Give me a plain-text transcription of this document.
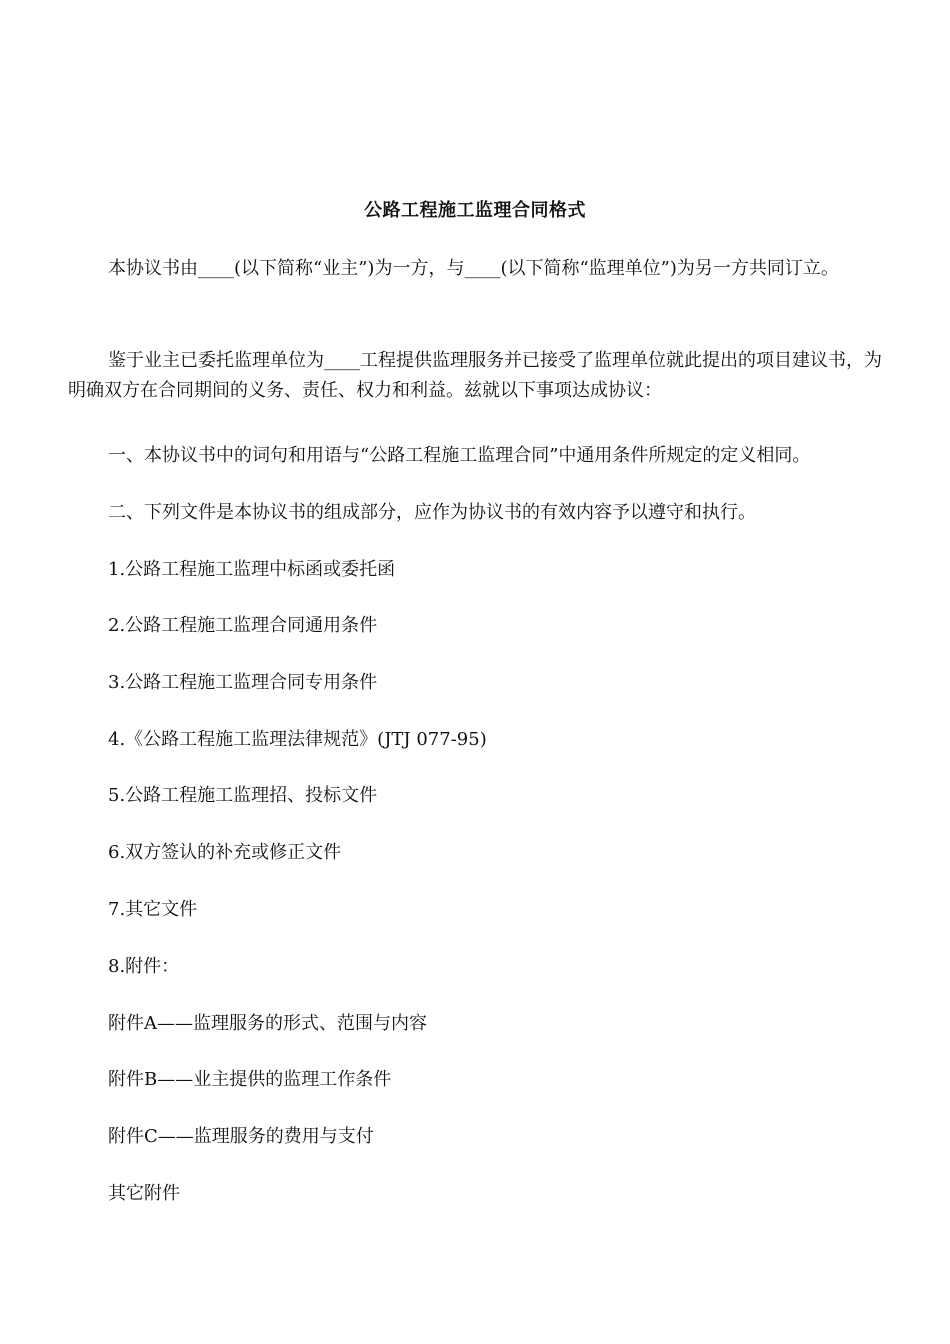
公路工程施工监理合同格式

本协议书由____(以下简称“业主”)为一方，与____(以下简称“监理单位”)为另一方共同订立。

鉴于业主已委托监理单位为____工程提供监理服务并已接受了监理单位就此提出的项目建议书，为明确双方在合同期间的义务、责任、权力和利益。兹就以下事项达成协议：

一、本协议书中的词句和用语与“公路工程施工监理合同”中通用条件所规定的定义相同。

二、下列文件是本协议书的组成部分，应作为协议书的有效内容予以遵守和执行。

1.公路工程施工监理中标函或委托函

2.公路工程施工监理合同通用条件

3.公路工程施工监理合同专用条件

4.《公路工程施工监理法律规范》(JTJ 077-95)

5.公路工程施工监理招、投标文件

6.双方签认的补充或修正文件

7.其它文件

8.附件：

附件A——监理服务的形式、范围与内容

附件B——业主提供的监理工作条件

附件C——监理服务的费用与支付

其它附件
